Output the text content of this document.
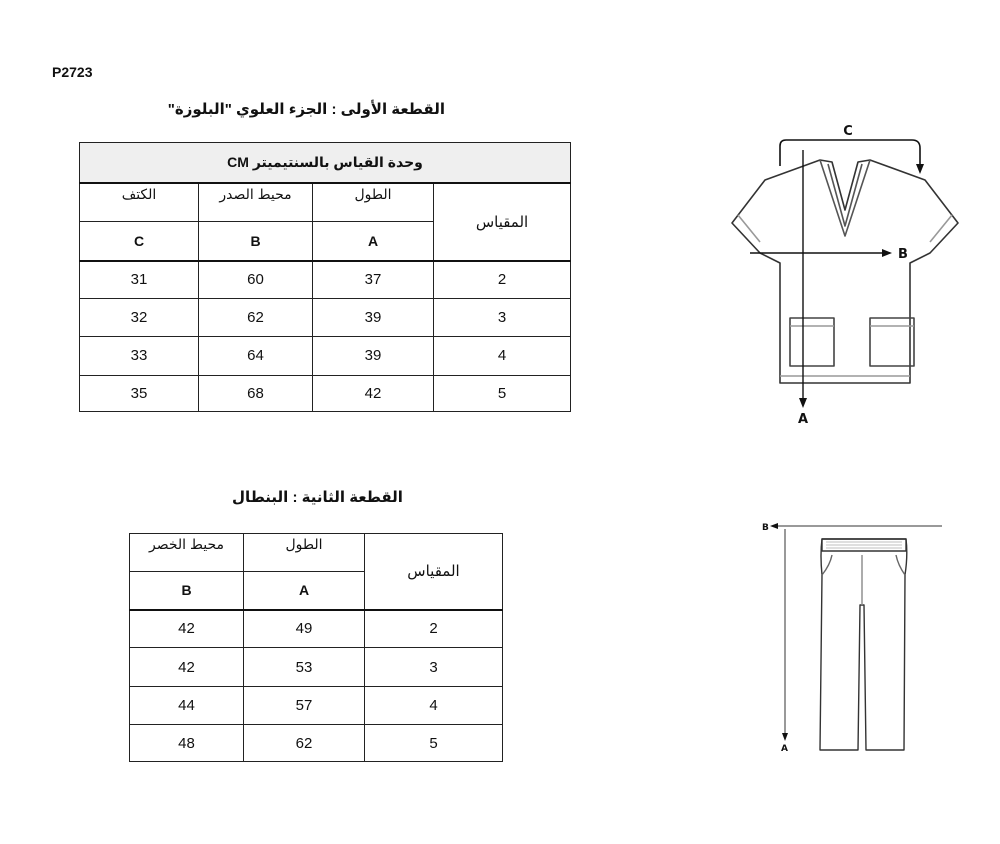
P2723
القطعة الأولى : الجزء العلوي "البلوزة"
وحدة القياس بالسنتيميتر CM			
المقياس	الطول	محيط الصدر	الكتف
	A	B	C
2	37	60	31
3	39	62	32
4	39	64	33
5	42	68	35
القطعة الثانية : البنطال
المقياس	الطول	محيط الخصر
	A	B
2	49	42
3	53	42
4	57	44
5	62	48
C
A
B
B
A
